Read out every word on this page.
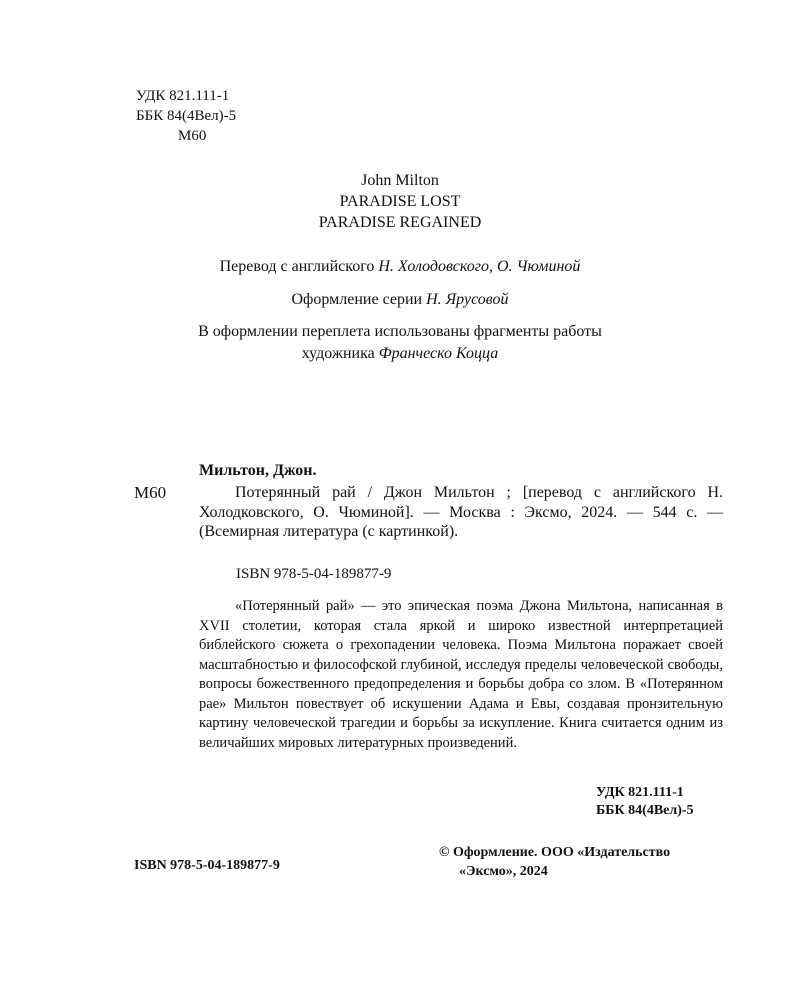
УДК 821.111-1
ББК 84(4Вел)-5
М60
John Milton
PARADISE LOST
PARADISE REGAINED
Перевод с английского Н. Холодовского, О. Чюминой
Оформление серии Н. Ярусовой
В оформлении переплета использованы фрагменты работы
художника Франческо Коцца
Мильтон, Джон.
М60	Потерянный рай / Джон Мильтон ; [перевод с английского Н. Холодковского, О. Чюминой]. — Москва : Эксмо, 2024. — 544 с. — (Всемирная литература (с картинкой).
ISBN 978-5-04-189877-9
«Потерянный рай» — это эпическая поэма Джона Мильтона, написанная в XVII столетии, которая стала яркой и широко известной интерпретацией библейского сюжета о грехопадении человека. Поэма Мильтона поражает своей масштабностью и философской глубиной, исследуя пределы человеческой свободы, вопросы божественного предопределения и борьбы добра со злом. В «Потерянном рае» Мильтон повествует об искушении Адама и Евы, создавая пронзительную картину человеческой трагедии и борьбы за искупление. Книга считается одним из величайших мировых литературных произведений.
УДК 821.111-1
ББК 84(4Вел)-5
ISBN 978-5-04-189877-9
© Оформление. ООО «Издательство
«Эксмо», 2024
